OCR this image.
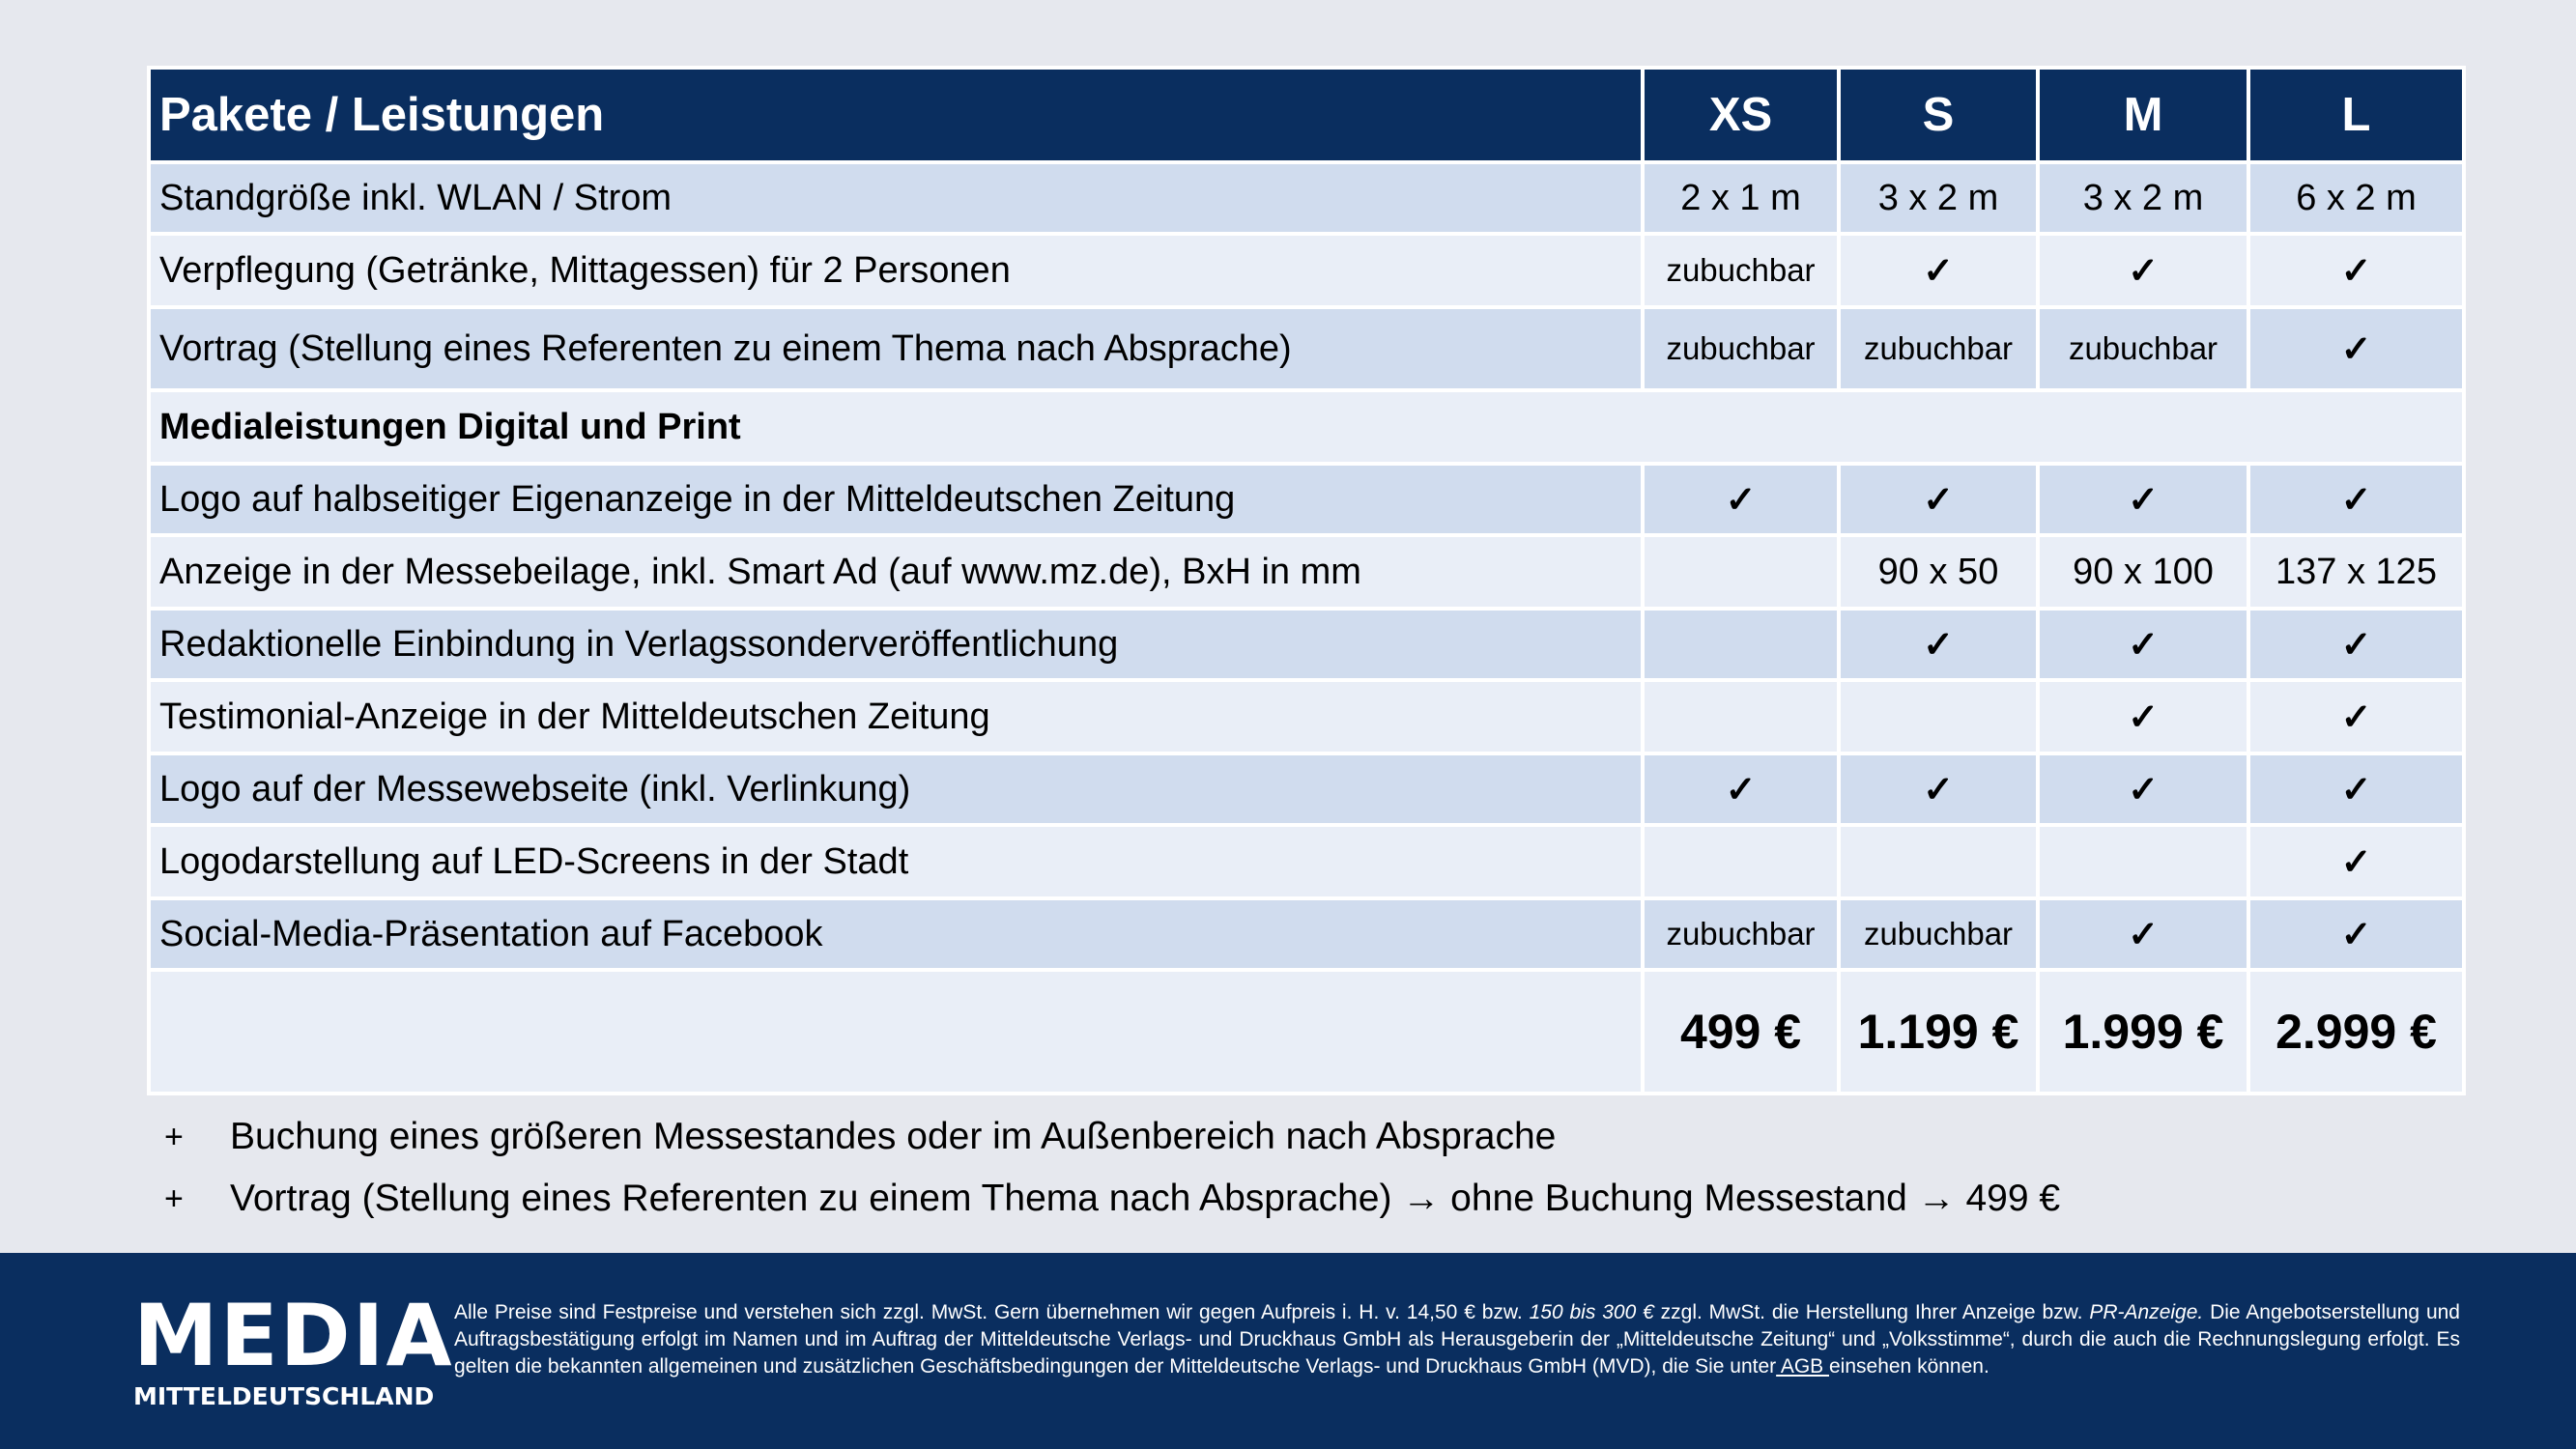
Pakete / Leistungen	XS	S	M	L
Standgröße inkl. WLAN / Strom	2 x 1 m	3 x 2 m	3 x 2 m	6 x 2 m
Verpflegung (Getränke, Mittagessen) für 2 Personen	zubuchbar	✓	✓	✓
Vortrag (Stellung eines Referenten zu einem Thema nach Absprache)	zubuchbar	zubuchbar	zubuchbar	✓
Medialeistungen Digital und Print				
Logo auf halbseitiger Eigenanzeige in der Mitteldeutschen Zeitung	✓	✓	✓	✓
Anzeige in der Messebeilage, inkl. Smart Ad (auf www.mz.de), BxH in mm		90 x 50	90 x 100	137 x 125
Redaktionelle Einbindung in Verlagssonderveröffentlichung		✓	✓	✓
Testimonial-Anzeige in der Mitteldeutschen Zeitung			✓	✓
Logo auf der Messewebseite (inkl. Verlinkung)	✓	✓	✓	✓
Logodarstellung auf LED-Screens in der Stadt				✓
Social-Media-Präsentation auf Facebook	zubuchbar	zubuchbar	✓	✓
	499 €	1.199 €	1.999 €	2.999 €
+	Buchung eines größeren Messestandes oder im Außenbereich nach Absprache
+	Vortrag (Stellung eines Referenten zu einem Thema nach Absprache) → ohne Buchung Messestand → 499 €
MEDIA
MITTELDEUTSCHLAND
Alle Preise sind Festpreise und verstehen sich zzgl. MwSt. Gern übernehmen wir gegen Aufpreis i. H. v. 14,50 € bzw. 150 bis 300 € zzgl. MwSt. die Herstellung Ihrer Anzeige bzw. PR-Anzeige. Die Angebotserstellung und Auftragsbestätigung erfolgt im Namen und im Auftrag der Mitteldeutsche Verlags- und Druckhaus GmbH als Herausgeberin der „Mitteldeutsche Zeitung“ und „Volksstimme“, durch die auch die Rechnungslegung erfolgt. Es gelten die bekannten allgemeinen und zusätzlichen Geschäftsbedingungen der Mitteldeutsche Verlags- und Druckhaus GmbH (MVD), die Sie unter AGB einsehen können.
